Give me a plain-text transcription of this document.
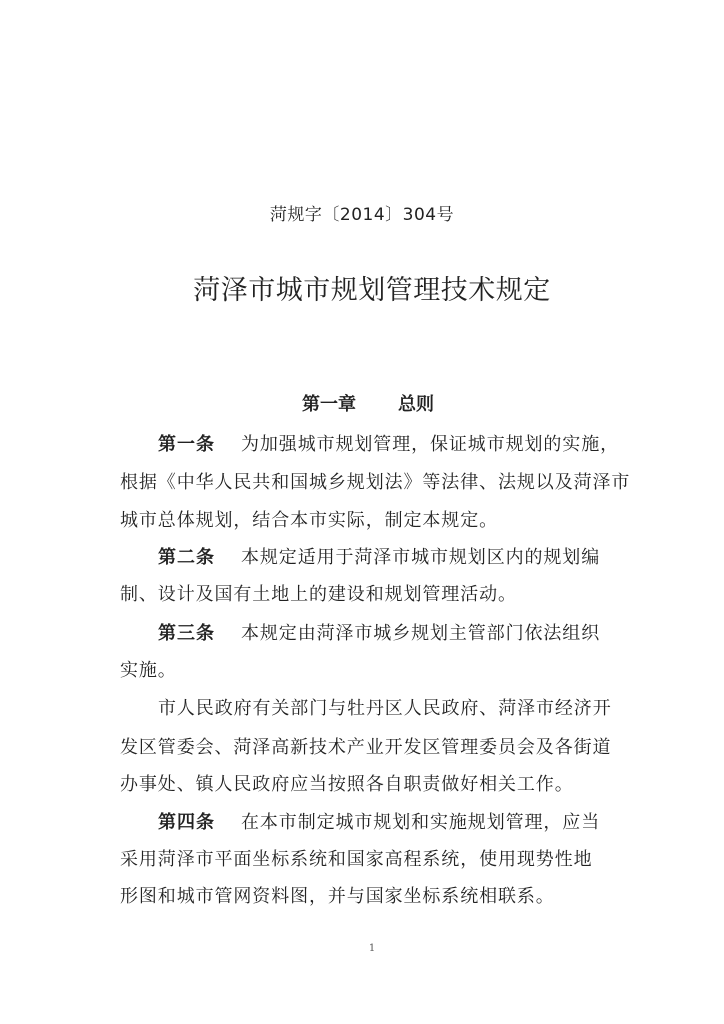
菏规字〔2014〕304号
菏泽市城市规划管理技术规定
第一章 总则
第一条 为加强城市规划管理，保证城市规划的实施，
根据《中华人民共和国城乡规划法》等法律、法规以及菏泽市
城市总体规划，结合本市实际，制定本规定。
第二条 本规定适用于菏泽市城市规划区内的规划编
制、设计及国有土地上的建设和规划管理活动。
第三条 本规定由菏泽市城乡规划主管部门依法组织
实施。
市人民政府有关部门与牡丹区人民政府、菏泽市经济开
发区管委会、菏泽高新技术产业开发区管理委员会及各街道
办事处、镇人民政府应当按照各自职责做好相关工作。
第四条 在本市制定城市规划和实施规划管理，应当
采用菏泽市平面坐标系统和国家高程系统，使用现势性地
形图和城市管网资料图，并与国家坐标系统相联系。
1
